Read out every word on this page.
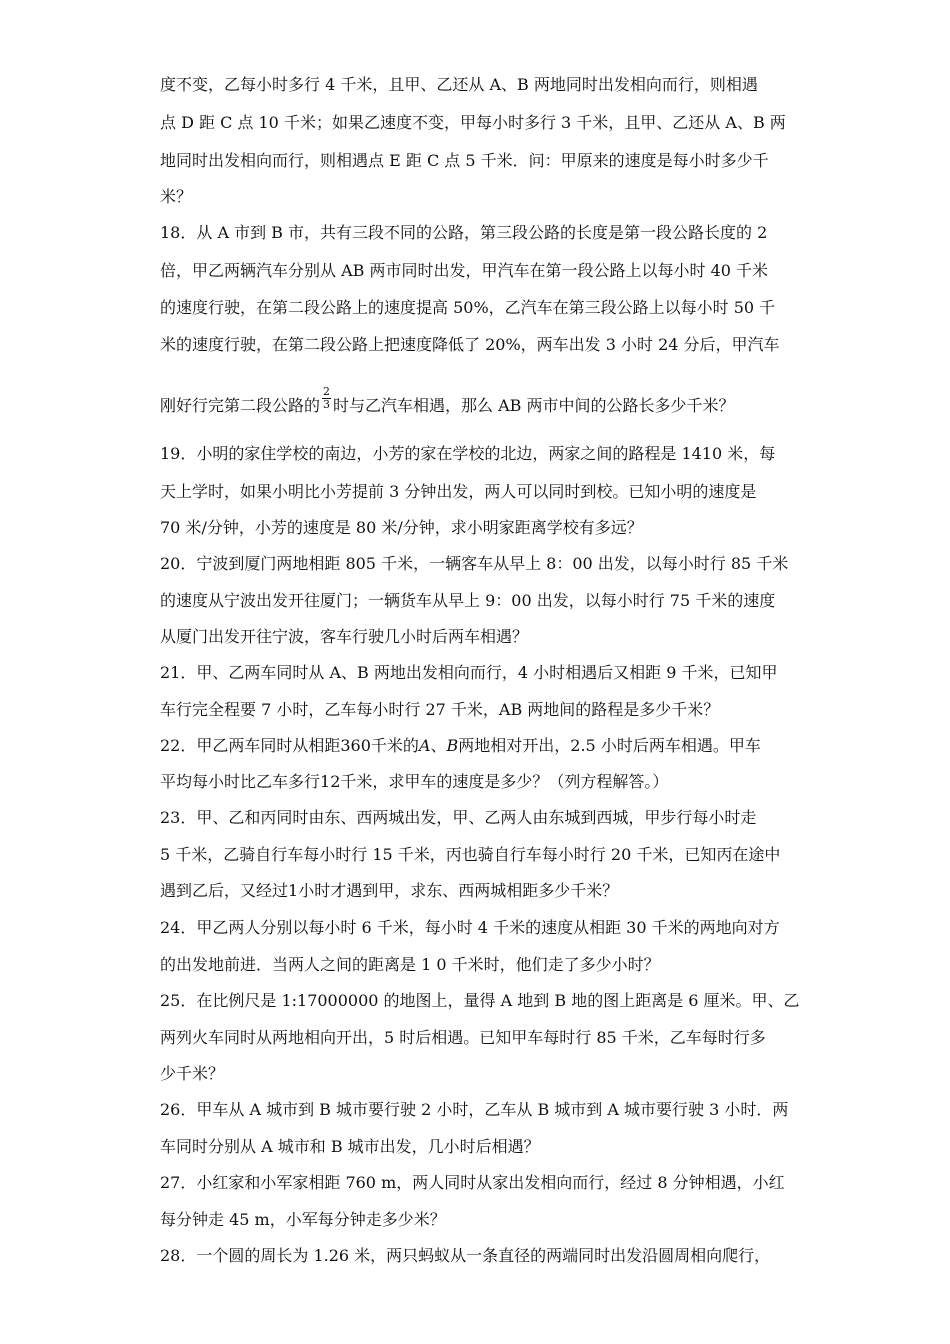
度不变，乙每小时多行 4 千米，且甲、乙还从 A、B 两地同时出发相向而行，则相遇
点 D 距 C 点 10 千米；如果乙速度不变，甲每小时多行 3 千米，且甲、乙还从 A、B 两
地同时出发相向而行，则相遇点 E 距 C 点 5 千米．问：甲原来的速度是每小时多少千
米？
18．从 A 市到 B 市，共有三段不同的公路，第三段公路的长度是第一段公路长度的 2
倍，甲乙两辆汽车分别从 AB 两市同时出发，甲汽车在第一段公路上以每小时 40 千米
的速度行驶，在第二段公路上的速度提高 50%，乙汽车在第三段公路上以每小时 50 千
米的速度行驶，在第二段公路上把速度降低了 20%，两车出发 3 小时 24 分后，甲汽车
刚好行完第二段公路的 $\frac{2}{3}$ 时与乙汽车相遇，那么 AB 两市中间的公路长多少千米？
19．小明的家住学校的南边，小芳的家在学校的北边，两家之间的路程是 1410 米，每
天上学时，如果小明比小芳提前 3 分钟出发，两人可以同时到校。已知小明的速度是
70 米/分钟，小芳的速度是 80 米/分钟，求小明家距离学校有多远？
20．宁波到厦门两地相距 805 千米，一辆客车从早上 8：00 出发，以每小时行 85 千米
的速度从宁波出发开往厦门；一辆货车从早上 9：00 出发，以每小时行 75 千米的速度
从厦门出发开往宁波，客车行驶几小时后两车相遇？
21．甲、乙两车同时从 A、B 两地出发相向而行，4 小时相遇后又相距 9 千米，已知甲
车行完全程要 7 小时，乙车每小时行 27 千米，AB 两地间的路程是多少千米？
22．甲乙两车同时从相距360千米的A、B两地相对开出，2.5 小时后两车相遇。甲车
平均每小时比乙车多行12千米，求甲车的速度是多少？（列方程解答。）
23．甲、乙和丙同时由东、西两城出发，甲、乙两人由东城到西城，甲步行每小时走
5 千米，乙骑自行车每小时行 15 千米，丙也骑自行车每小时行 20 千米，已知丙在途中
遇到乙后，又经过1小时才遇到甲，求东、西两城相距多少千米？
24．甲乙两人分别以每小时 6 千米，每小时 4 千米的速度从相距 30 千米的两地向对方
的出发地前进．当两人之间的距离是 1 0 千米时，他们走了多少小时？
25．在比例尺是 1:17000000 的地图上，量得 A 地到 B 地的图上距离是 6 厘米。甲、乙
两列火车同时从两地相向开出，5 时后相遇。已知甲车每时行 85 千米，乙车每时行多
少千米？
26．甲车从 A 城市到 B 城市要行驶 2 小时，乙车从 B 城市到 A 城市要行驶 3 小时．两
车同时分别从 A 城市和 B 城市出发，几小时后相遇？
27．小红家和小军家相距 760 m，两人同时从家出发相向而行，经过 8 分钟相遇，小红
每分钟走 45 m，小军每分钟走多少米？
28．一个圆的周长为 1.26 米，两只蚂蚁从一条直径的两端同时出发沿圆周相向爬行，
